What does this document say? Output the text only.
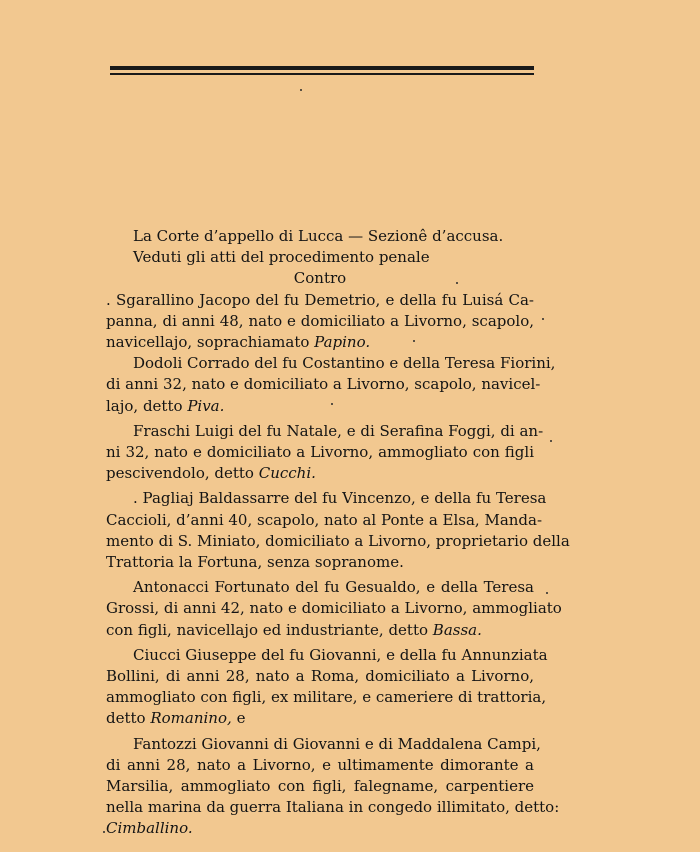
La Corte d’appello di Lucca — Sezionê d’accusa.
Veduti gli atti del procedimento penale
Contro
. Sgarallino Jacopo del fu Demetrio, e della fu Luisá Ca-
panna, di anni 48, nato e domiciliato a Livorno, scapolo,
navicellajo, soprachiamato Papino.
Dodoli Corrado del fu Costantino e della Teresa Fiorini,
di anni 32, nato e domiciliato a Livorno, scapolo, navicel-
lajo, detto Piva.
Fraschi Luigi del fu Natale, e di Serafina Foggi, di an-
ni 32, nato e domiciliato a Livorno, ammogliato con figli
pescivendolo, detto Cucchi.
. Pagliaj Baldassarre del fu Vincenzo, e della fu Teresa
Caccioli, d’anni 40, scapolo, nato al Ponte a Elsa, Manda-
mento di S. Miniato, domiciliato a Livorno, proprietario della
Trattoria la Fortuna, senza sopranome.
Antonacci Fortunato del fu Gesualdo, e della Teresa
Grossi, di anni 42, nato e domiciliato a Livorno, ammogliato
con figli, navicellajo ed industriante, detto Bassa.
Ciucci Giuseppe del fu Giovanni, e della fu Annunziata
Bollini, di anni 28, nato a Roma, domiciliato a Livorno,
ammogliato con figli, ex militare, e cameriere di trattoria,
detto Romanino, e
Fantozzi Giovanni di Giovanni e di Maddalena Campi,
di anni 28, nato a Livorno, e ultimamente dimorante a
Marsilia, ammogliato con figli, falegname, carpentiere
nella marina da guerra Italiana in congedo illimitato, detto:
Cimballino.
